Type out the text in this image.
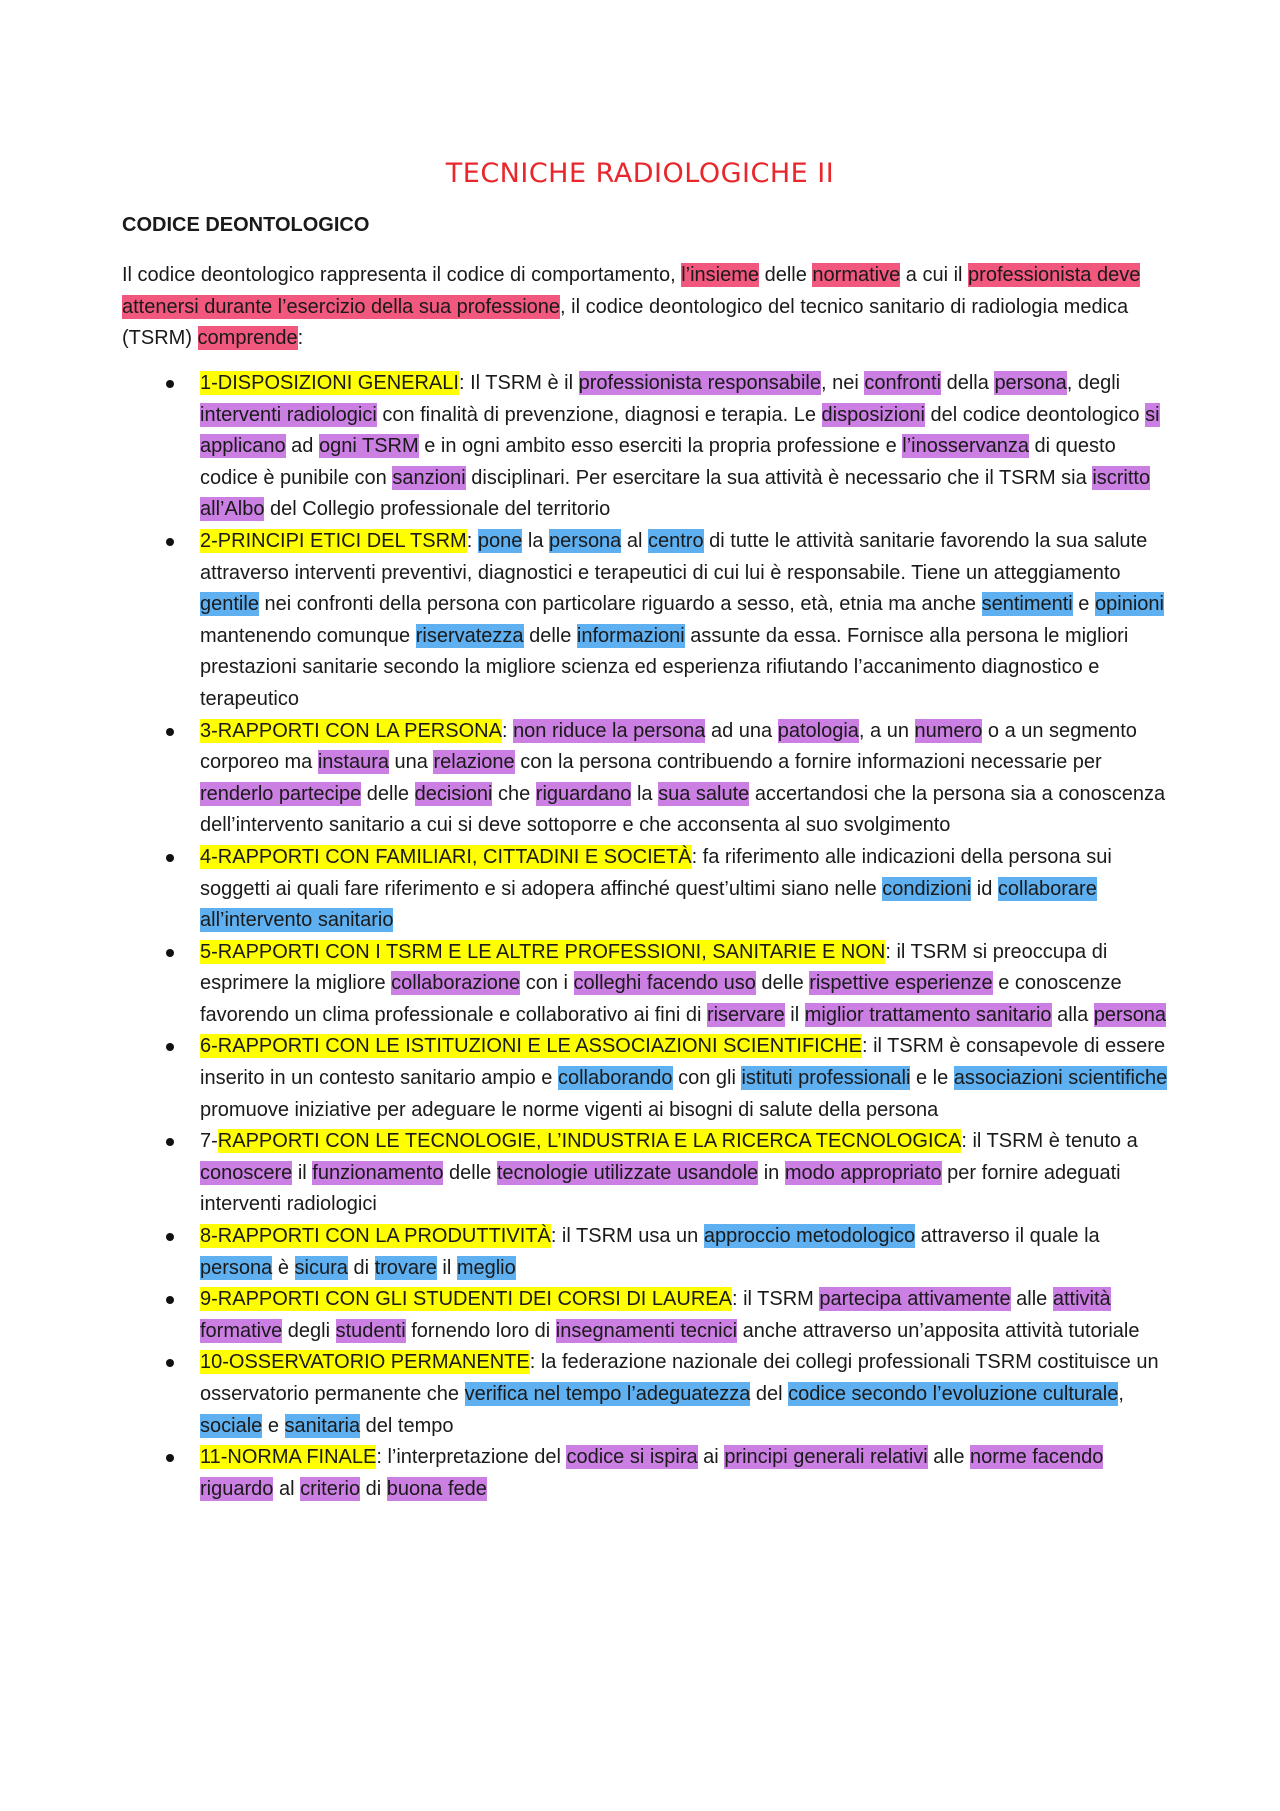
TECNICHE RADIOLOGICHE II
CODICE DEONTOLOGICO

Il codice deontologico rappresenta il codice di comportamento, l’insieme delle normative a cui il professionista deve attenersi durante l’esercizio della sua professione, il codice deontologico del tecnico sanitario di radiologia medica (TSRM) comprende:

1-DISPOSIZIONI GENERALI: Il TSRM è il professionista responsabile, nei confronti della persona, degli interventi radiologici con finalità di prevenzione, diagnosi e terapia. Le disposizioni del codice deontologico si applicano ad ogni TSRM e in ogni ambito esso eserciti la propria professione e l’inosservanza di questo codice è punibile con sanzioni disciplinari. Per esercitare la sua attività è necessario che il TSRM sia iscritto all’Albo del Collegio professionale del territorio
2-PRINCIPI ETICI DEL TSRM: pone la persona al centro di tutte le attività sanitarie favorendo la sua salute attraverso interventi preventivi, diagnostici e terapeutici di cui lui è responsabile. Tiene un atteggiamento gentile nei confronti della persona con particolare riguardo a sesso, età, etnia ma anche sentimenti e opinioni mantenendo comunque riservatezza delle informazioni assunte da essa. Fornisce alla persona le migliori prestazioni sanitarie secondo la migliore scienza ed esperienza rifiutando l’accanimento diagnostico e terapeutico
3-RAPPORTI CON LA PERSONA: non riduce la persona ad una patologia, a un numero o a un segmento corporeo ma instaura una relazione con la persona contribuendo a fornire informazioni necessarie per renderlo partecipe delle decisioni che riguardano la sua salute accertandosi che la persona sia a conoscenza dell’intervento sanitario a cui si deve sottoporre e che acconsenta al suo svolgimento
4-RAPPORTI CON FAMILIARI, CITTADINI E SOCIETÀ: fa riferimento alle indicazioni della persona sui soggetti ai quali fare riferimento e si adopera affinché quest’ultimi siano nelle condizioni id collaborare all’intervento sanitario
5-RAPPORTI CON I TSRM E LE ALTRE PROFESSIONI, SANITARIE E NON: il TSRM si preoccupa di esprimere la migliore collaborazione con i colleghi facendo uso delle rispettive esperienze e conoscenze favorendo un clima professionale e collaborativo ai fini di riservare il miglior trattamento sanitario alla persona
6-RAPPORTI CON LE ISTITUZIONI E LE ASSOCIAZIONI SCIENTIFICHE: il TSRM è consapevole di essere inserito in un contesto sanitario ampio e collaborando con gli istituti professionali e le associazioni scientifiche promuove iniziative per adeguare le norme vigenti ai bisogni di salute della persona
7-RAPPORTI CON LE TECNOLOGIE, L’INDUSTRIA E LA RICERCA TECNOLOGICA: il TSRM è tenuto a conoscere il funzionamento delle tecnologie utilizzate usandole in modo appropriato per fornire adeguati interventi radiologici
8-RAPPORTI CON LA PRODUTTIVITÀ: il TSRM usa un approccio metodologico attraverso il quale la persona è sicura di trovare il meglio
9-RAPPORTI CON GLI STUDENTI DEI CORSI DI LAUREA: il TSRM partecipa attivamente alle attività formative degli studenti fornendo loro di insegnamenti tecnici anche attraverso un’apposita attività tutoriale
10-OSSERVATORIO PERMANENTE: la federazione nazionale dei collegi professionali TSRM costituisce un osservatorio permanente che verifica nel tempo l’adeguatezza del codice secondo l’evoluzione culturale, sociale e sanitaria del tempo
11-NORMA FINALE: l’interpretazione del codice si ispira ai principi generali relativi alle norme facendo riguardo al criterio di buona fede
